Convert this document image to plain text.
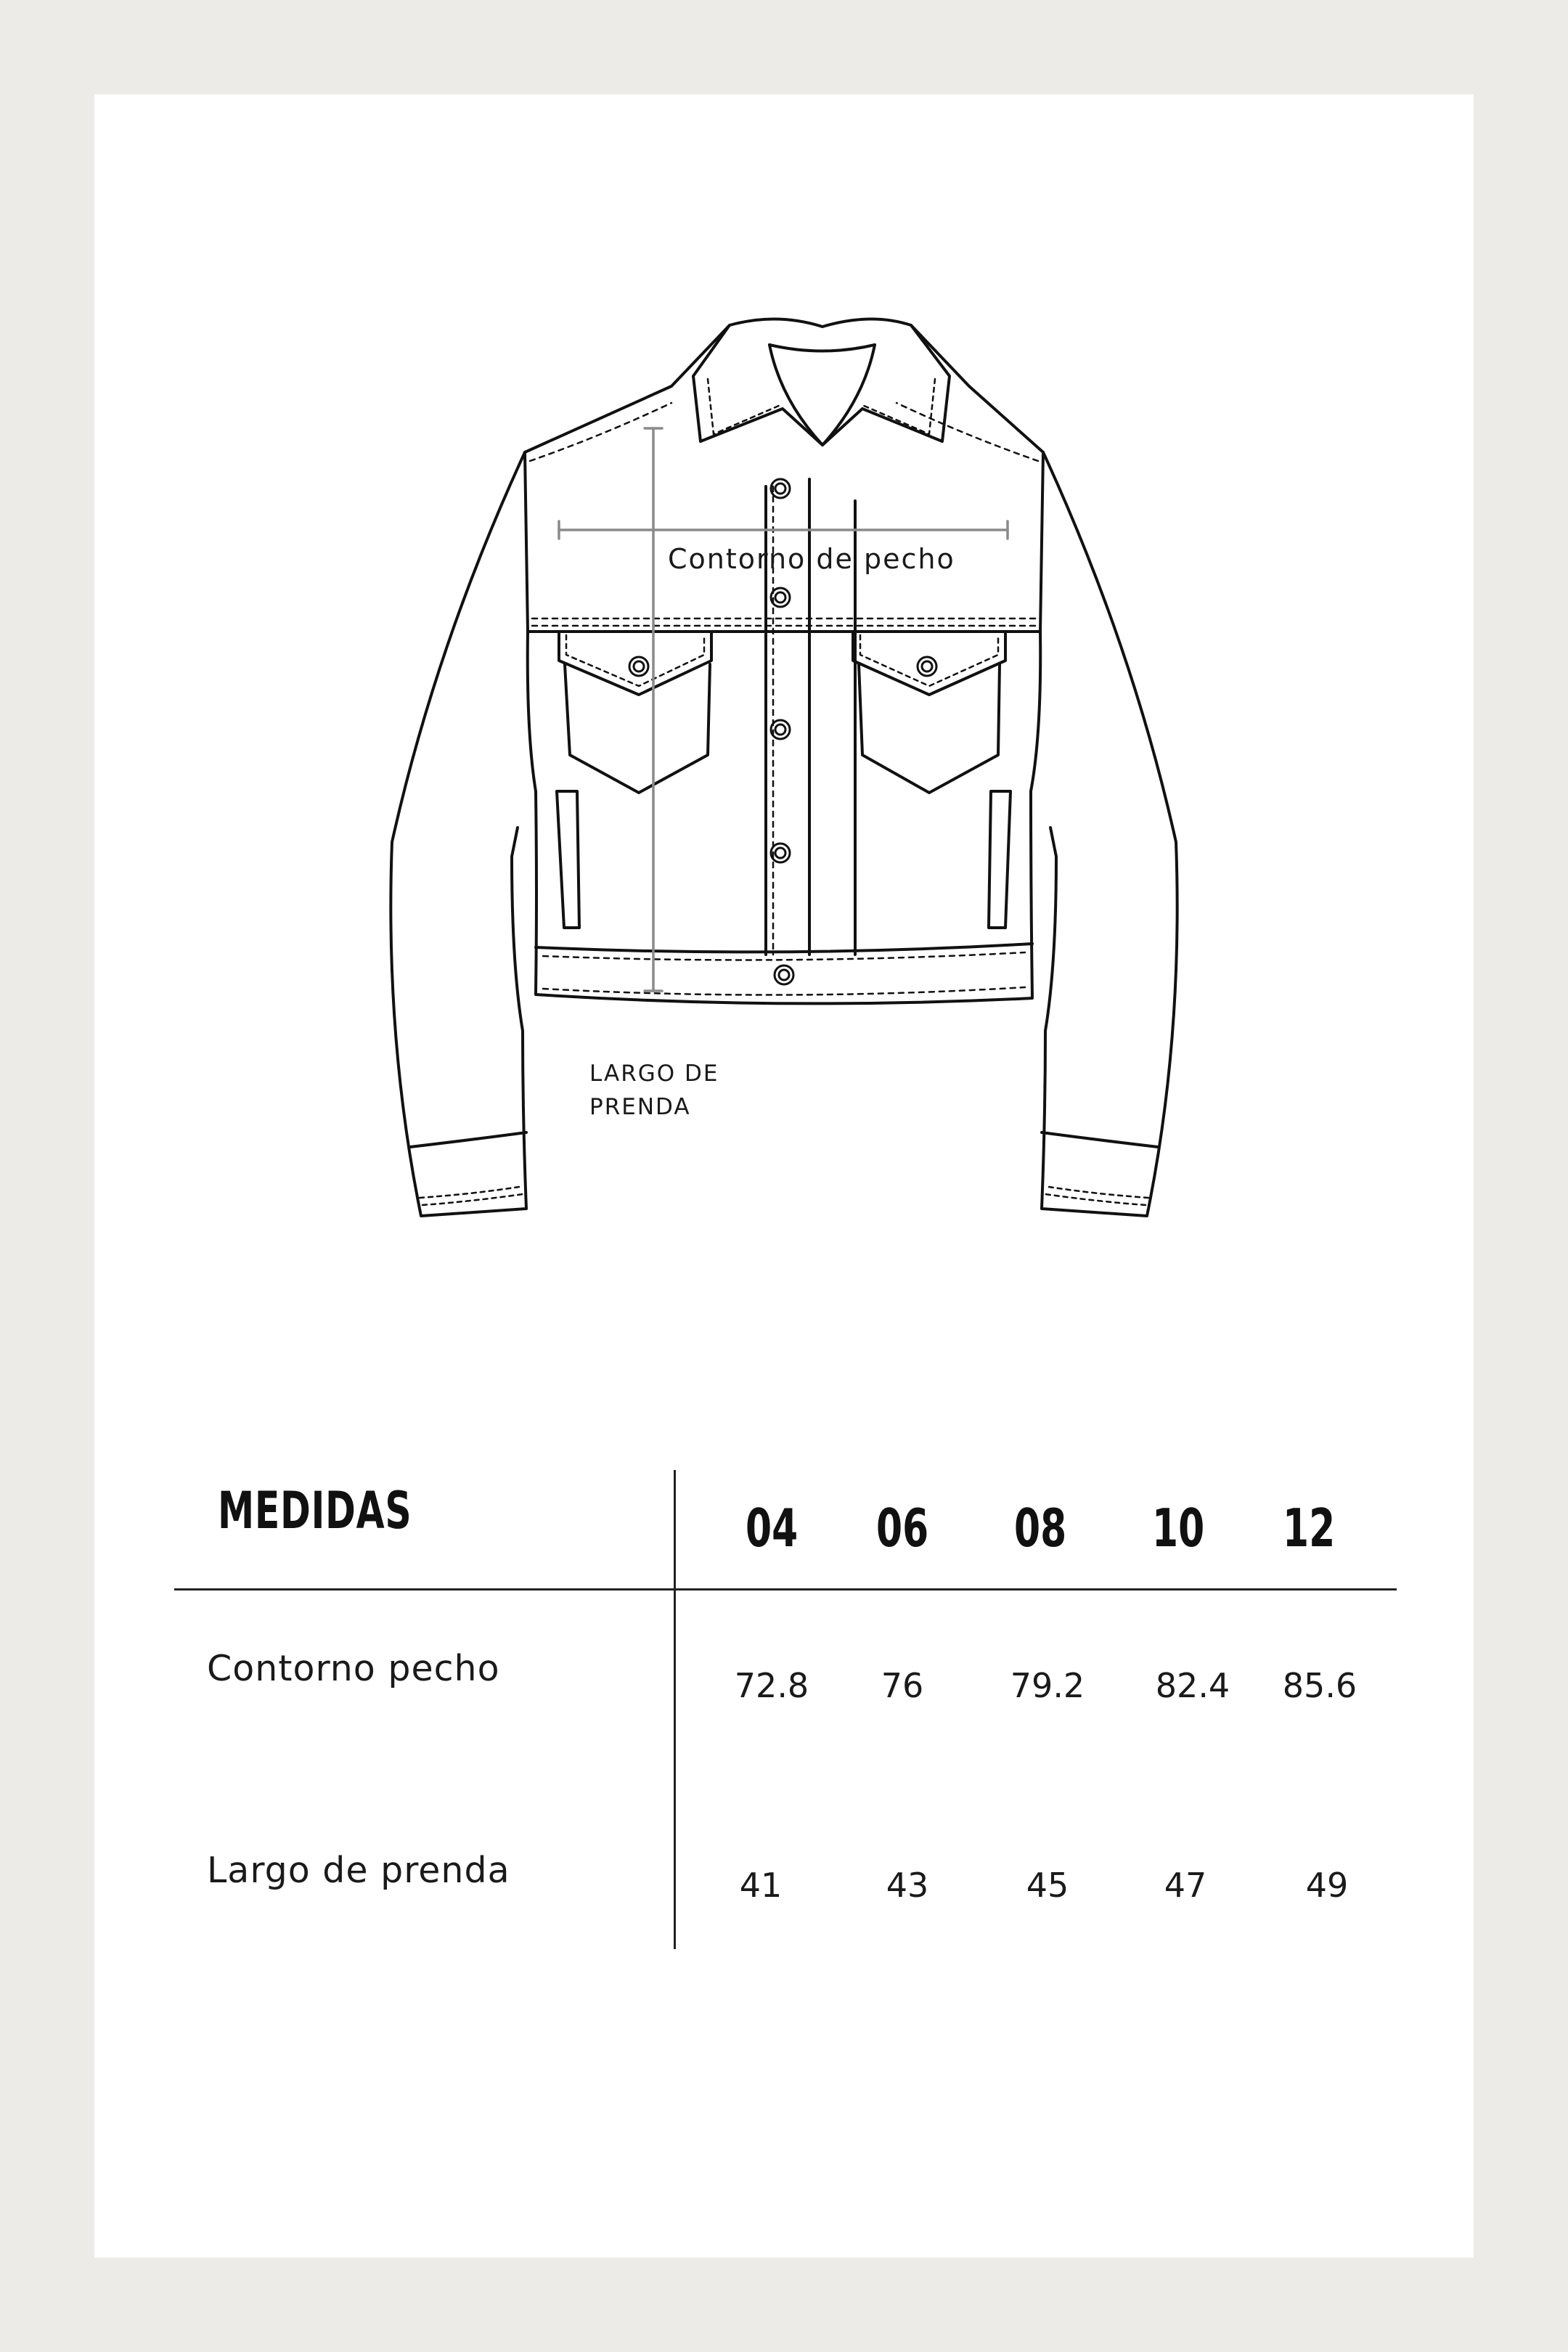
Contorno de pecho
LARGO DE
PRENDA
MEDIDAS	04	06	08	10	12
Contorno pecho	72.8	76	79.2	82.4	85.6
Largo de prenda	41	43	45	47	49
